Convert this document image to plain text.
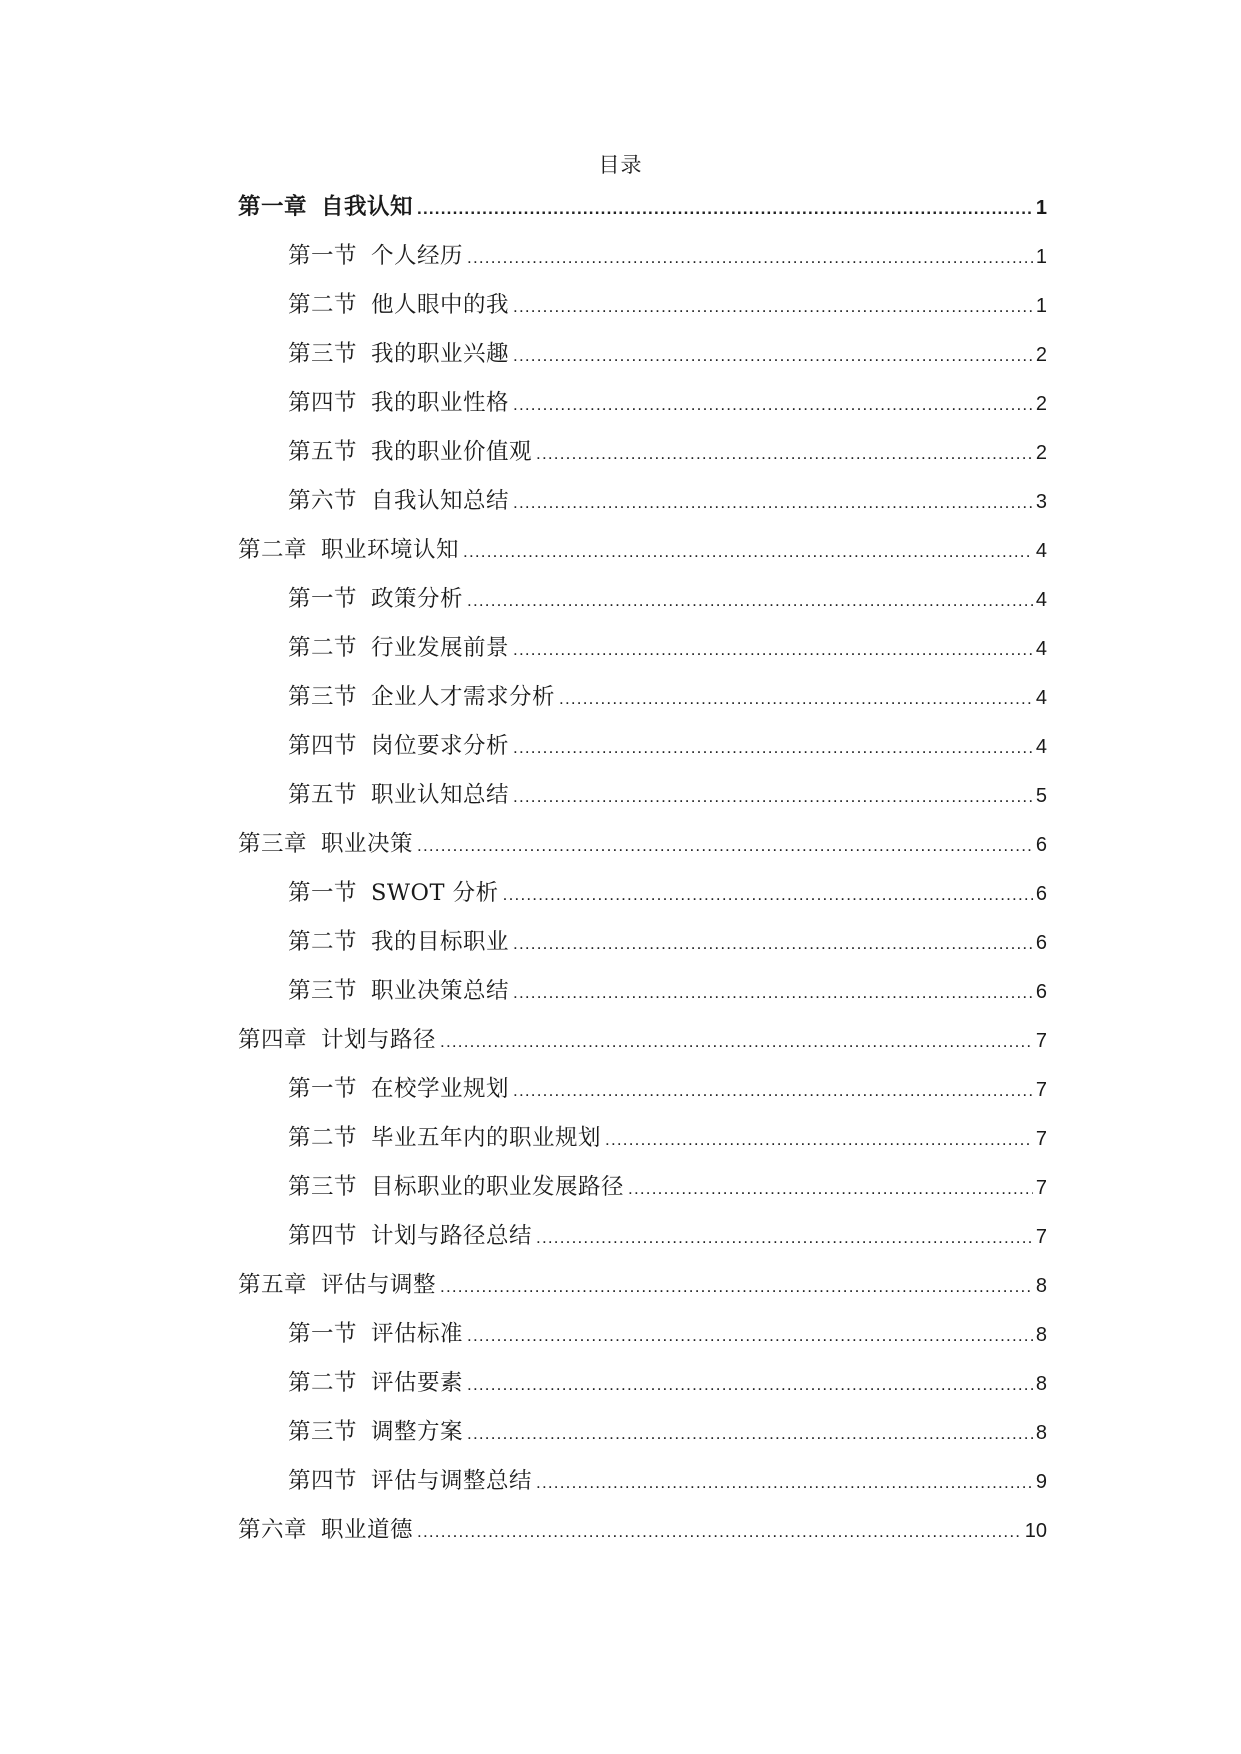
目录
第一章 自我认知 .....	1
第一节 个人经历 .....	1
第二节 他人眼中的我 .....	1
第三节 我的职业兴趣 .....	2
第四节 我的职业性格 .....	2
第五节 我的职业价值观 .....	2
第六节 自我认知总结 .....	3
第二章 职业环境认知 .....	4
第一节 政策分析 .....	4
第二节 行业发展前景 .....	4
第三节 企业人才需求分析 .....	4
第四节 岗位要求分析 .....	4
第五节 职业认知总结 .....	5
第三章 职业决策 .....	6
第一节 SWOT 分析 .....	6
第二节 我的目标职业 .....	6
第三节 职业决策总结 .....	6
第四章 计划与路径 .....	7
第一节 在校学业规划 .....	7
第二节 毕业五年内的职业规划 .....	7
第三节 目标职业的职业发展路径 .....	7
第四节 计划与路径总结 .....	7
第五章 评估与调整 .....	8
第一节 评估标准 .....	8
第二节 评估要素 .....	8
第三节 调整方案 .....	8
第四节 评估与调整总结 .....	9
第六章 职业道德 .....	10
